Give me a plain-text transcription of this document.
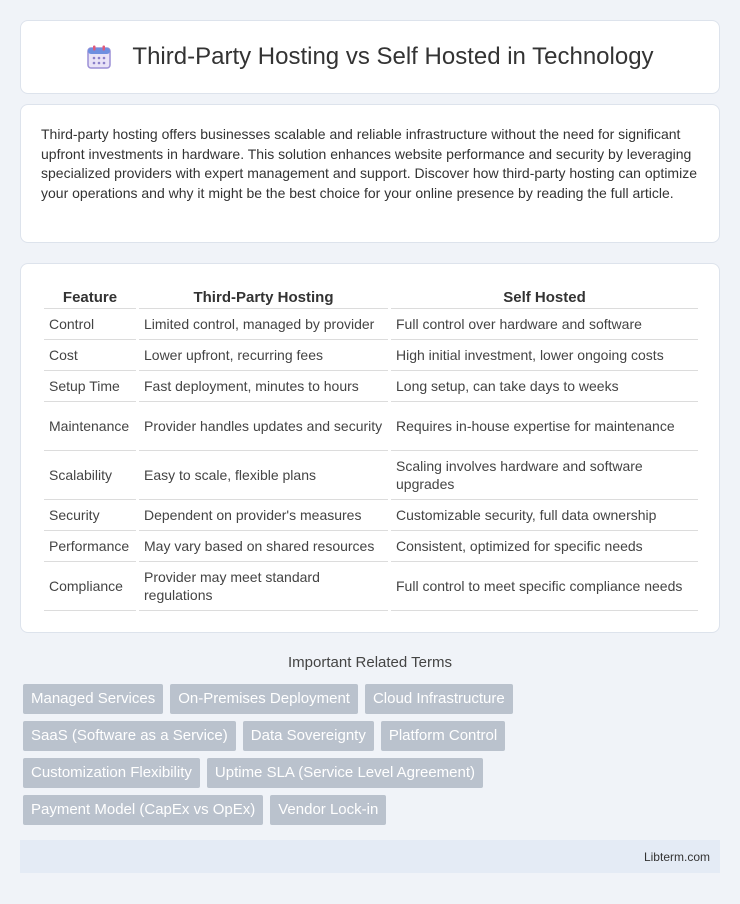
Third-Party Hosting vs Self Hosted in Technology

Third-party hosting offers businesses scalable and reliable infrastructure without the need for significant upfront investments in hardware. This solution enhances website performance and security by leveraging specialized providers with expert management and support. Discover how third-party hosting can optimize your operations and why it might be the best choice for your online presence by reading the full article.

Feature	Third-Party Hosting	Self Hosted
Control	Limited control, managed by provider	Full control over hardware and software
Cost	Lower upfront, recurring fees	High initial investment, lower ongoing costs
Setup Time	Fast deployment, minutes to hours	Long setup, can take days to weeks
Maintenance	Provider handles updates and security	Requires in-house expertise for maintenance
Scalability	Easy to scale, flexible plans	Scaling involves hardware and software upgrades
Security	Dependent on provider's measures	Customizable security, full data ownership
Performance	May vary based on shared resources	Consistent, optimized for specific needs
Compliance	Provider may meet standard regulations	Full control to meet specific compliance needs
Important Related Terms
Managed Services	On-Premises Deployment	Cloud Infrastructure
SaaS (Software as a Service)	Data Sovereignty	Platform Control
Customization Flexibility	Uptime SLA (Service Level Agreement)
Payment Model (CapEx vs OpEx)	Vendor Lock-in
Libterm.com
